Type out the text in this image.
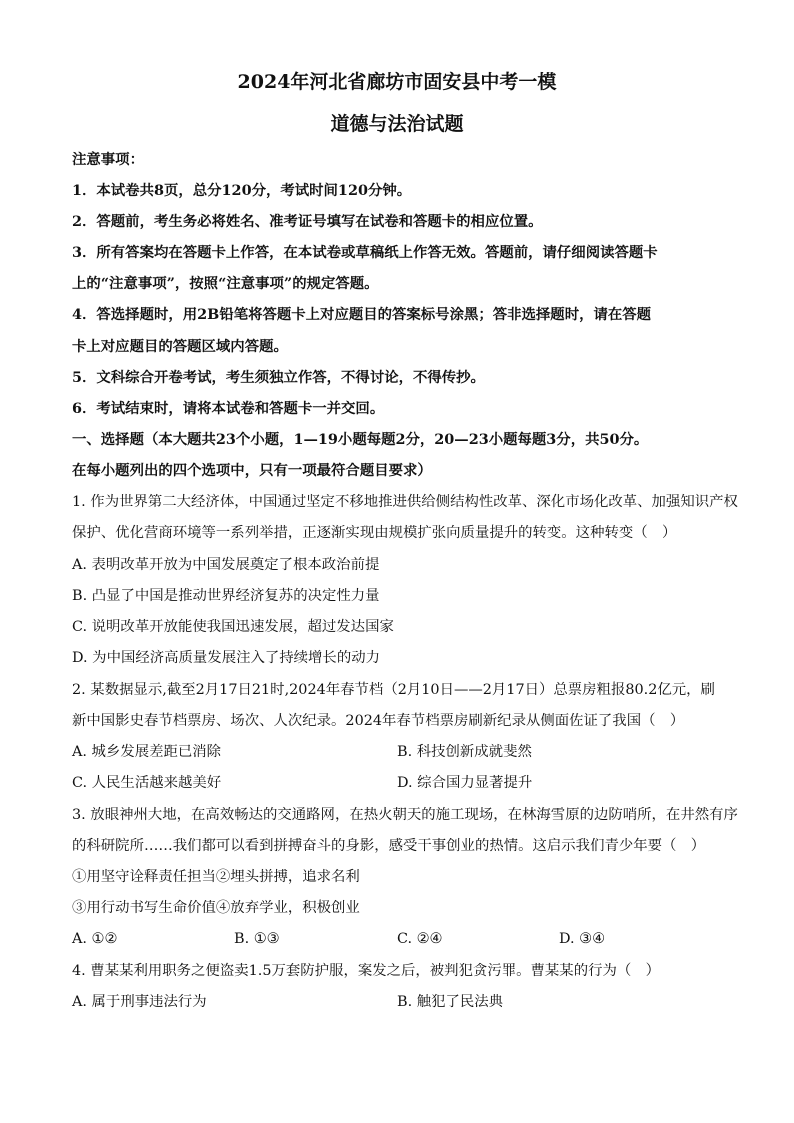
2024年河北省廊坊市固安县中考一模
道德与法治试题
注意事项：
1．本试卷共8页，总分120分，考试时间120分钟。
2．答题前，考生务必将姓名、准考证号填写在试卷和答题卡的相应位置。
3．所有答案均在答题卡上作答，在本试卷或草稿纸上作答无效。答题前，请仔细阅读答题卡
上的“注意事项”，按照“注意事项”的规定答题。
4．答选择题时，用2B铅笔将答题卡上对应题目的答案标号涂黑；答非选择题时，请在答题
卡上对应题目的答题区域内答题。
5．文科综合开卷考试，考生须独立作答，不得讨论，不得传抄。
6．考试结束时，请将本试卷和答题卡一并交回。
一、选择题（本大题共23个小题，1—19小题每题2分，20—23小题每题3分，共50分。
在每小题列出的四个选项中，只有一项最符合题目要求）
1. 作为世界第二大经济体，中国通过坚定不移地推进供给侧结构性改革、深化市场化改革、加强知识产权
保护、优化营商环境等一系列举措，正逐渐实现由规模扩张向质量提升的转变。这种转变（　）
A. 表明改革开放为中国发展奠定了根本政治前提
B. 凸显了中国是推动世界经济复苏的决定性力量
C. 说明改革开放能使我国迅速发展，超过发达国家
D. 为中国经济高质量发展注入了持续增长的动力
2. 某数据显示,截至2月17日21时,2024年春节档（2月10日——2月17日）总票房粗报80.2亿元，刷
新中国影史春节档票房、场次、人次纪录。2024年春节档票房刷新纪录从侧面佐证了我国（　）
A. 城乡发展差距已消除	B. 科技创新成就斐然
C. 人民生活越来越美好	D. 综合国力显著提升
3. 放眼神州大地，在高效畅达的交通路网，在热火朝天的施工现场，在林海雪原的边防哨所，在井然有序
的科研院所……我们都可以看到拼搏奋斗的身影，感受干事创业的热情。这启示我们青少年要（　）
①用坚守诠释责任担当②埋头拼搏，追求名利
③用行动书写生命价值④放弃学业，积极创业
A. ①②	B. ①③	C. ②④	D. ③④
4. 曹某某利用职务之便盗卖1.5万套防护服，案发之后，被判犯贪污罪。曹某某的行为（　）
A. 属于刑事违法行为	B. 触犯了民法典
